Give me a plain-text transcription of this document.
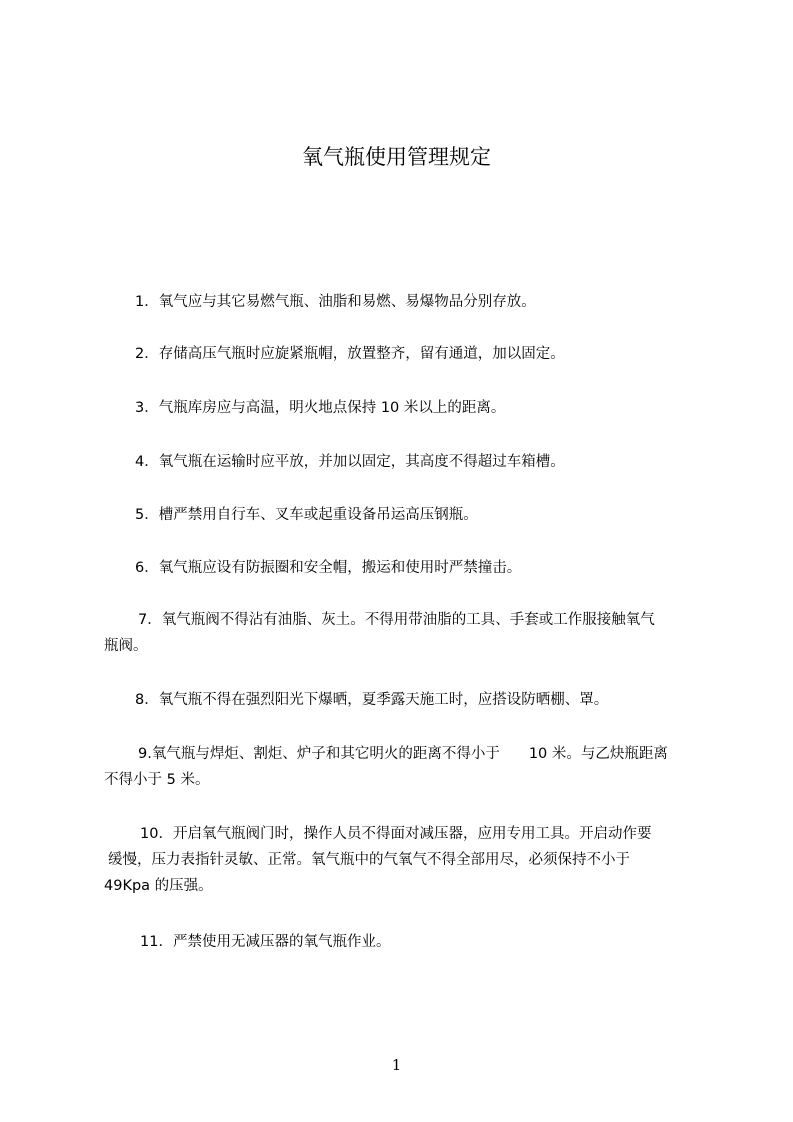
氧气瓶使用管理规定
1．氧气应与其它易燃气瓶、油脂和易燃、易爆物品分别存放。
2．存储高压气瓶时应旋紧瓶帽，放置整齐，留有通道，加以固定。
3．气瓶库房应与高温，明火地点保持 10 米以上的距离。
4．氧气瓶在运输时应平放，并加以固定，其高度不得超过车箱槽。
5．槽严禁用自行车、叉车或起重设备吊运高压钢瓶。
6．氧气瓶应设有防振圈和安全帽，搬运和使用时严禁撞击。
7．氧气瓶阀不得沾有油脂、灰土。不得用带油脂的工具、手套或工作服接触氧气
瓶阀。
8．氧气瓶不得在强烈阳光下爆晒，夏季露天施工时，应搭设防晒棚、罩。
9.氧气瓶与焊炬、割炬、炉子和其它明火的距离不得小于　　10 米。与乙炔瓶距离
不得小于 5 米。
10．开启氧气瓶阀门时，操作人员不得面对减压器，应用专用工具。开启动作要
缓慢，压力表指针灵敏、正常。氧气瓶中的气氧气不得全部用尽，必须保持不小于
49Kpa 的压强。
11．严禁使用无减压器的氧气瓶作业。
1
